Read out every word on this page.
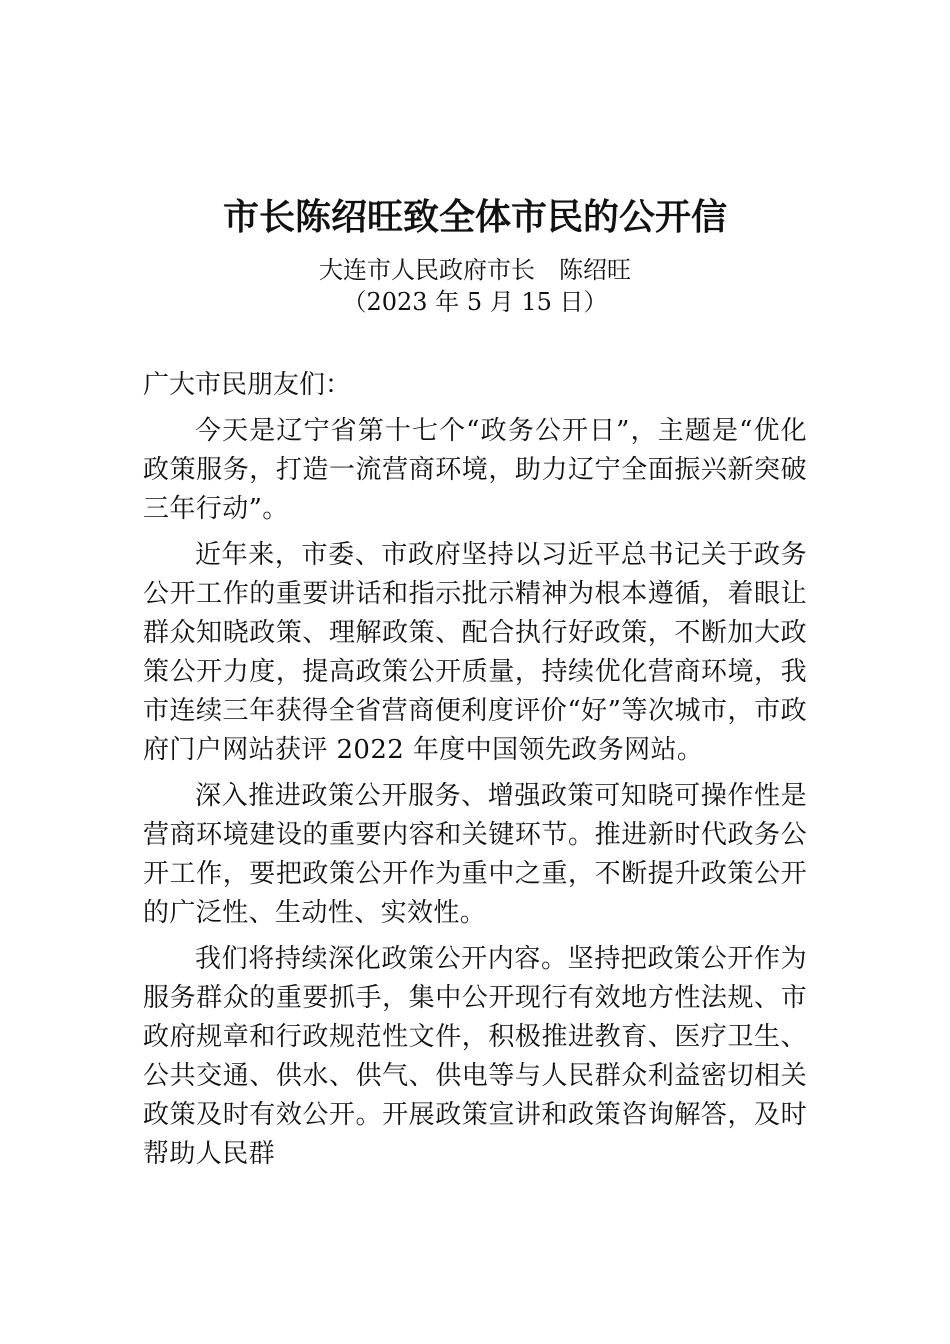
市长陈绍旺致全体市民的公开信
大连市人民政府市长 陈绍旺
（2023 年 5 月 15 日）

广大市民朋友们：

今天是辽宁省第十七个“政务公开日”，主题是“优化政策服务，打造一流营商环境，助力辽宁全面振兴新突破三年行动”。

近年来，市委、市政府坚持以习近平总书记关于政务公开工作的重要讲话和指示批示精神为根本遵循，着眼让群众知晓政策、理解政策、配合执行好政策，不断加大政策公开力度，提高政策公开质量，持续优化营商环境，我市连续三年获得全省营商便利度评价“好”等次城市，市政府门户网站获评 2022 年度中国领先政务网站。

深入推进政策公开服务、增强政策可知晓可操作性是营商环境建设的重要内容和关键环节。推进新时代政务公开工作，要把政策公开作为重中之重，不断提升政策公开的广泛性、生动性、实效性。

我们将持续深化政策公开内容。坚持把政策公开作为服务群众的重要抓手，集中公开现行有效地方性法规、市政府规章和行政规范性文件，积极推进教育、医疗卫生、公共交通、供水、供气、供电等与人民群众利益密切相关政策及时有效公开。开展政策宣讲和政策咨询解答，及时帮助人民群
